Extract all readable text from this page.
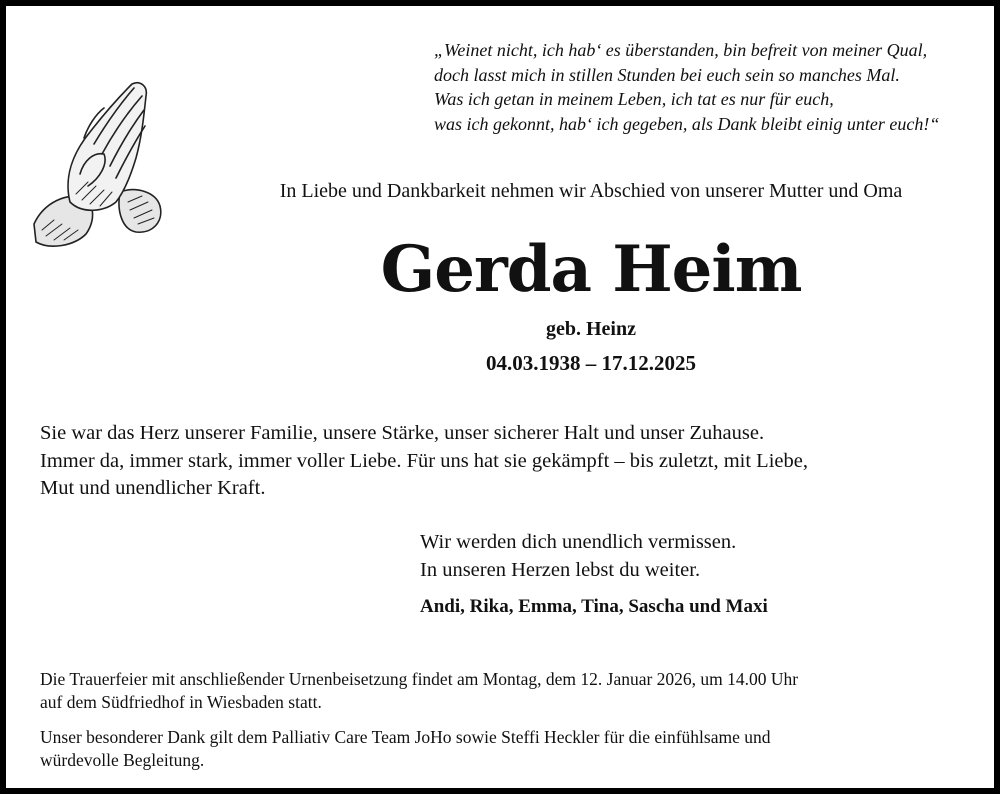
„Weinet nicht, ich hab‘ es überstanden, bin befreit von meiner Qual,
doch lasst mich in stillen Stunden bei euch sein so manches Mal.
Was ich getan in meinem Leben, ich tat es nur für euch,
was ich gekonnt, hab‘ ich gegeben, als Dank bleibt einig unter euch!“
In Liebe und Dankbarkeit nehmen wir Abschied von unserer Mutter und Oma
Gerda Heim
geb. Heinz
04.03.1938 – 17.12.2025
Sie war das Herz unserer Familie, unsere Stärke, unser sicherer Halt und unser Zuhause.
Immer da, immer stark, immer voller Liebe. Für uns hat sie gekämpft – bis zuletzt, mit Liebe,
Mut und unendlicher Kraft.
Wir werden dich unendlich vermissen.
In unseren Herzen lebst du weiter.
Andi, Rika, Emma, Tina, Sascha und Maxi
Die Trauerfeier mit anschließender Urnenbeisetzung findet am Montag, dem 12. Januar 2026, um 14.00 Uhr
auf dem Südfriedhof in Wiesbaden statt.
Unser besonderer Dank gilt dem Palliativ Care Team JoHo sowie Steffi Heckler für die einfühlsame und
würdevolle Begleitung.
